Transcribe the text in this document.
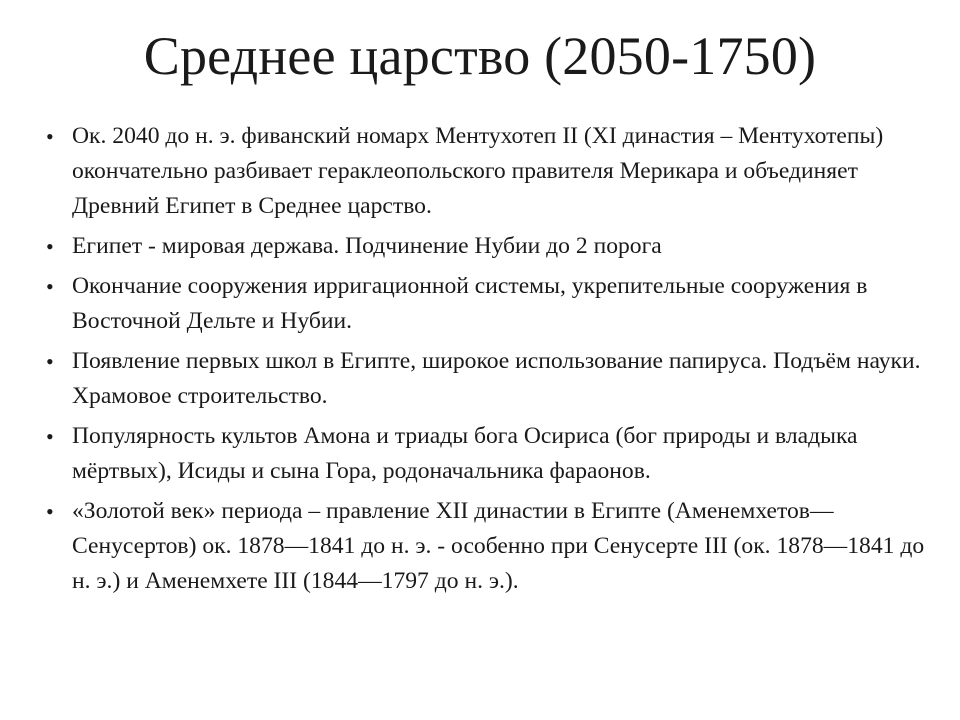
Среднее царство (2050-1750)
• Ок. 2040 до н. э. фиванский номарх Ментухотеп II (XI династия – Ментухотепы) окончательно разбивает гераклеопольского правителя Мерикара и объединяет Древний Египет в Среднее царство.
• Египет - мировая держава. Подчинение Нубии до 2 порога
• Окончание сооружения ирригационной системы, укрепительные сооружения в Восточной Дельте и Нубии.
• Появление первых школ в Египте, широкое использование папируса. Подъём науки. Храмовое строительство.
• Популярность культов Амона и триады бога Осириса (бог природы и владыка мёртвых), Исиды и сына Гора, родоначальника фараонов.
• «Золотой век» периода – правление XII династии в Египте (Аменемхетов—Сенусертов) ок. 1878—1841 до н. э. - особенно при Сенусерте III (ок. 1878—1841 до н. э.) и Аменемхете III (1844—1797 до н. э.).
